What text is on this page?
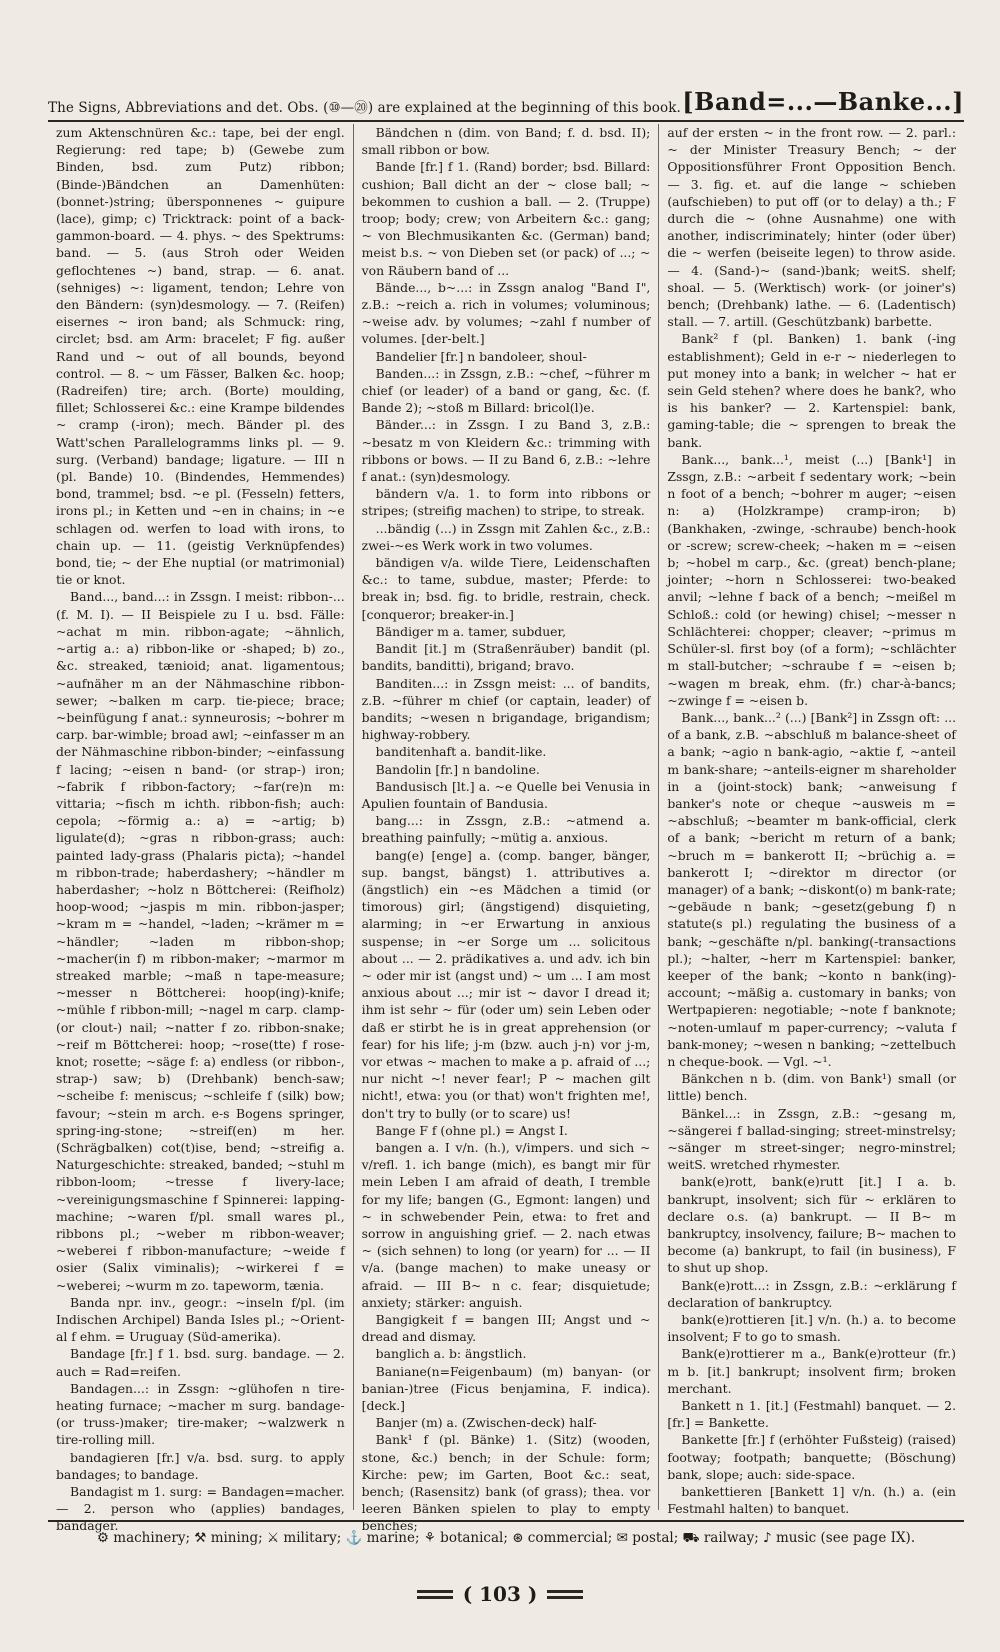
The Signs, Abbreviations and det. Obs. (⑩—⑳) are explained at the beginning of this book. [Band=...—Banke...]

zum Aktenschnüren &c.: tape, bei der engl. Regierung: red tape; b) (Gewebe zum Binden, bsd. zum Putz) ribbon; (Binde-)Bändchen an Damenhüten: (bonnet-)string; übersponnenes ~ guipure (lace), gimp; c) Tricktrack: point of a back-gammon-board. — 4. phys. ~ des Spektrums: band. — 5. (aus Stroh oder Weiden geflochtenes ~) band, strap. — 6. anat. (sehniges) ~: ligament, tendon; Lehre von den Bändern: (syn)desmology. — 7. (Reifen) eisernes ~ iron band; als Schmuck: ring, circlet; bsd. am Arm: bracelet; F fig. außer Rand und ~ out of all bounds, beyond control. — 8. ~ um Fässer, Balken &c. hoop; (Radreifen) tire; arch. (Borte) moulding, fillet; Schlosserei &c.: eine Krampe bildendes ~ cramp (-iron); mech. Bänder pl. des Watt'schen Parallelogramms links pl. — 9. surg. (Verband) bandage; ligature. — III n (pl. Bande) 10. (Bindendes, Hemmendes) bond, trammel; bsd. ~e pl. (Fesseln) fetters, irons pl.; in Ketten und ~en in chains; in ~e schlagen od. werfen to load with irons, to chain up. — 11. (geistig Verknüpfendes) bond, tie; ~ der Ehe nuptial (or matrimonial) tie or knot.

Band..., band...: in Zssgn. I meist: ribbon-... (f. M. I). — II Beispiele zu I u. bsd. Fälle: ~achat m min. ribbon-agate; ~ähnlich, ~artig a.: a) ribbon-like or -shaped; b) zo., &c. streaked, tænioid; anat. ligamentous; ~aufnäher m an der Nähmaschine ribbon-sewer; ~balken m carp. tie-piece; brace; ~beinfügung f anat.: synneurosis; ~bohrer m carp. bar-wimble; broad awl; ~einfasser m an der Nähmaschine ribbon-binder; ~einfassung f lacing; ~eisen n band- (or strap-) iron; ~fabrik f ribbon-factory; ~far(re)n m: vittaria; ~fisch m ichth. ribbon-fish; auch: cepola; ~förmig a.: a) = ~artig; b) ligulate(d); ~gras n ribbon-grass; auch: painted lady-grass (Phalaris picta); ~handel m ribbon-trade; haberdashery; ~händler m haberdasher; ~holz n Böttcherei: (Reifholz) hoop-wood; ~jaspis m min. ribbon-jasper; ~kram m = ~handel, ~laden; ~krämer m = ~händler; ~laden m ribbon-shop; ~macher(in f) m ribbon-maker; ~marmor m streaked marble; ~maß n tape-measure; ~messer n Böttcherei: hoop(ing)-knife; ~mühle f ribbon-mill; ~nagel m carp. clamp- (or clout-) nail; ~natter f zo. ribbon-snake; ~reif m Böttcherei: hoop; ~rose(tte) f rose-knot; rosette; ~säge f: a) endless (or ribbon-, strap-) saw; b) (Drehbank) bench-saw; ~scheibe f: meniscus; ~schleife f (silk) bow; favour; ~stein m arch. e-s Bogens springer, spring-ing-stone; ~streif(en) m her. (Schrägbalken) cot(t)ise, bend; ~streifig a. Naturgeschichte: streaked, banded; ~stuhl m ribbon-loom; ~tresse f livery-lace; ~vereinigungsmaschine f Spinnerei: lapping-machine; ~waren f/pl. small wares pl., ribbons pl.; ~weber m ribbon-weaver; ~weberei f ribbon-manufacture; ~weide f osier (Salix viminalis); ~wirkerei f = ~weberei; ~wurm m zo. tapeworm, tænia.

Banda npr. inv., geogr.: ~inseln f/pl. (im Indischen Archipel) Banda Isles pl.; ~Orient-al f ehm. = Uruguay (Süd-amerika).

Bandage [fr.] f 1. bsd. surg. bandage. — 2. auch = Rad=reifen.

Bandagen...: in Zssgn: ~glühofen n tire-heating furnace; ~macher m surg. bandage- (or truss-)maker; tire-maker; ~walzwerk n tire-rolling mill.

bandagieren [fr.] v/a. bsd. surg. to apply bandages; to bandage.

Bandagist m 1. surg: = Bandagen=macher. — 2. person who (applies) bandages, bandager.

Bändchen n (dim. von Band; f. d. bsd. II); small ribbon or bow.

Bande [fr.] f 1. (Rand) border; bsd. Billard: cushion; Ball dicht an der ~ close ball; ~ bekommen to cushion a ball. — 2. (Truppe) troop; body; crew; von Arbeitern &c.: gang; ~ von Blechmusikanten &c. (German) band; meist b.s. ~ von Dieben set (or pack) of ...; ~ von Räubern band of ...

Bände..., b~...: in Zssgn analog "Band I", z.B.: ~reich a. rich in volumes; voluminous; ~weise adv. by volumes; ~zahl f number of volumes. [der-belt.]

Bandelier [fr.] n bandoleer, shoul-

Banden...: in Zssgn, z.B.: ~chef, ~führer m chief (or leader) of a band or gang, &c. (f. Bande 2); ~stoß m Billard: bricol(l)e.

Bänder...: in Zssgn. I zu Band 3, z.B.: ~besatz m von Kleidern &c.: trimming with ribbons or bows. — II zu Band 6, z.B.: ~lehre f anat.: (syn)desmology.

bändern v/a. 1. to form into ribbons or stripes; (streifig machen) to stripe, to streak.

...bändig (...) in Zssgn mit Zahlen &c., z.B.: zwei-~es Werk work in two volumes.

bändigen v/a. wilde Tiere, Leidenschaften &c.: to tame, subdue, master; Pferde: to break in; bsd. fig. to bridle, restrain, check. [conqueror; breaker-in.]

Bändiger m a. tamer, subduer,

Bandit [it.] m (Straßenräuber) bandit (pl. bandits, banditti), brigand; bravo.

Banditen...: in Zssgn meist: ... of bandits, z.B. ~führer m chief (or captain, leader) of bandits; ~wesen n brigandage, brigandism; highway-robbery.

banditenhaft a. bandit-like.

Bandolin [fr.] n bandoline.

Bandusisch [lt.] a. ~e Quelle bei Venusia in Apulien fountain of Bandusia.

bang...: in Zssgn, z.B.: ~atmend a. breathing painfully; ~mütig a. anxious.

bang(e) [enge] a. (comp. banger, bänger, sup. bangst, bängst) 1. attributives a. (ängstlich) ein ~es Mädchen a timid (or timorous) girl; (ängstigend) disquieting, alarming; in ~er Erwartung in anxious suspense; in ~er Sorge um ... solicitous about ... — 2. prädikatives a. und adv. ich bin ~ oder mir ist (angst und) ~ um ... I am most anxious about ...; mir ist ~ davor I dread it; ihm ist sehr ~ für (oder um) sein Leben oder daß er stirbt he is in great apprehension (or fear) for his life; j-m (bzw. auch j-n) vor j-m, vor etwas ~ machen to make a p. afraid of ...; nur nicht ~! never fear!; P ~ machen gilt nicht!, etwa: you (or that) won't frighten me!, don't try to bully (or to scare) us!

Bange F f (ohne pl.) = Angst I.

bangen a. I v/n. (h.), v/impers. und sich ~ v/refl. 1. ich bange (mich), es bangt mir für mein Leben I am afraid of death, I tremble for my life; bangen (G., Egmont: langen) und ~ in schwebender Pein, etwa: to fret and sorrow in anguishing grief. — 2. nach etwas ~ (sich sehnen) to long (or yearn) for ... — II v/a. (bange machen) to make uneasy or afraid. — III B~ n c. fear; disquietude; anxiety; stärker: anguish.

Bangigkeit f = bangen III; Angst und ~ dread and dismay.

banglich a. b: ängstlich.

Baniane(n=Feigenbaum) (m) banyan- (or banian-)tree (Ficus benjamina, F. indica). [deck.]

Banjer (m) a. (Zwischen-deck) half-

Bank¹ f (pl. Bänke) 1. (Sitz) (wooden, stone, &c.) bench; in der Schule: form; Kirche: pew; im Garten, Boot &c.: seat, bench; (Rasensitz) bank (of grass); thea. vor leeren Bänken spielen to play to empty benches;

auf der ersten ~ in the front row. — 2. parl.: ~ der Minister Treasury Bench; ~ der Oppositionsführer Front Opposition Bench. — 3. fig. et. auf die lange ~ schieben (aufschieben) to put off (or to delay) a th.; F durch die ~ (ohne Ausnahme) one with another, indiscriminately; hinter (oder über) die ~ werfen (beiseite legen) to throw aside. — 4. (Sand-)~ (sand-)bank; weitS. shelf; shoal. — 5. (Werktisch) work- (or joiner's) bench; (Drehbank) lathe. — 6. (Ladentisch) stall. — 7. artill. (Geschützbank) barbette.

Bank² f (pl. Banken) 1. bank (-ing establishment); Geld in e-r ~ niederlegen to put money into a bank; in welcher ~ hat er sein Geld stehen? where does he bank?, who is his banker? — 2. Kartenspiel: bank, gaming-table; die ~ sprengen to break the bank.

Bank..., bank...¹, meist (...) [Bank¹] in Zssgn, z.B.: ~arbeit f sedentary work; ~bein n foot of a bench; ~bohrer m auger; ~eisen n: a) (Holzkrampe) cramp-iron; b) (Bankhaken, -zwinge, -schraube) bench-hook or -screw; screw-cheek; ~haken m = ~eisen b; ~hobel m carp., &c. (great) bench-plane; jointer; ~horn n Schlosserei: two-beaked anvil; ~lehne f back of a bench; ~meißel m Schloß.: cold (or hewing) chisel; ~messer n Schlächterei: chopper; cleaver; ~primus m Schüler-sl. first boy (of a form); ~schlächter m stall-butcher; ~schraube f = ~eisen b; ~wagen m break, ehm. (fr.) char-à-bancs; ~zwinge f = ~eisen b.

Bank..., bank...² (...) [Bank²] in Zssgn oft: ... of a bank, z.B. ~abschluß m balance-sheet of a bank; ~agio n bank-agio, ~aktie f, ~anteil m bank-share; ~anteils-eigner m shareholder in a (joint-stock) bank; ~anweisung f banker's note or cheque ~ausweis m = ~abschluß; ~beamter m bank-official, clerk of a bank; ~bericht m return of a bank; ~bruch m = bankerott II; ~brüchig a. = bankerott I; ~direktor m director (or manager) of a bank; ~diskont(o) m bank-rate; ~gebäude n bank; ~gesetz(gebung f) n statute(s pl.) regulating the business of a bank; ~geschäfte n/pl. banking(-transactions pl.); ~halter, ~herr m Kartenspiel: banker, keeper of the bank; ~konto n bank(ing)-account; ~mäßig a. customary in banks; von Wertpapieren: negotiable; ~note f banknote; ~noten-umlauf m paper-currency; ~valuta f bank-money; ~wesen n banking; ~zettelbuch n cheque-book. — Vgl. ~¹.

Bänkchen n b. (dim. von Bank¹) small (or little) bench.

Bänkel...: in Zssgn, z.B.: ~gesang m, ~sängerei f ballad-singing; street-minstrelsy; ~sänger m street-singer; negro-minstrel; weitS. wretched rhymester.

bank(e)rott, bank(e)rutt [it.] I a. b. bankrupt, insolvent; sich für ~ erklären to declare o.s. (a) bankrupt. — II B~ m bankruptcy, insolvency, failure; B~ machen to become (a) bankrupt, to fail (in business), F to shut up shop.

Bank(e)rott...: in Zssgn, z.B.: ~erklärung f declaration of bankruptcy.

bank(e)rottieren [it.] v/n. (h.) a. to become insolvent; F to go to smash.

Bank(e)rottierer m a., Bank(e)rotteur (fr.) m b. [it.] bankrupt; insolvent firm; broken merchant.

Bankett n 1. [it.] (Festmahl) banquet. — 2. [fr.] = Bankette.

Bankette [fr.] f (erhöhter Fußsteig) (raised) footway; footpath; banquette; (Böschung) bank, slope; auch: side-space.

bankettieren [Bankett 1] v/n. (h.) a. (ein Festmahl halten) to banquet.

⚙ machinery; ⚒ mining; ⚔ military; ⚓ marine; ⚘ botanical; ⊛ commercial; ✉ postal; ⛟ railway; ♪ music (see page IX).
( 103 )
